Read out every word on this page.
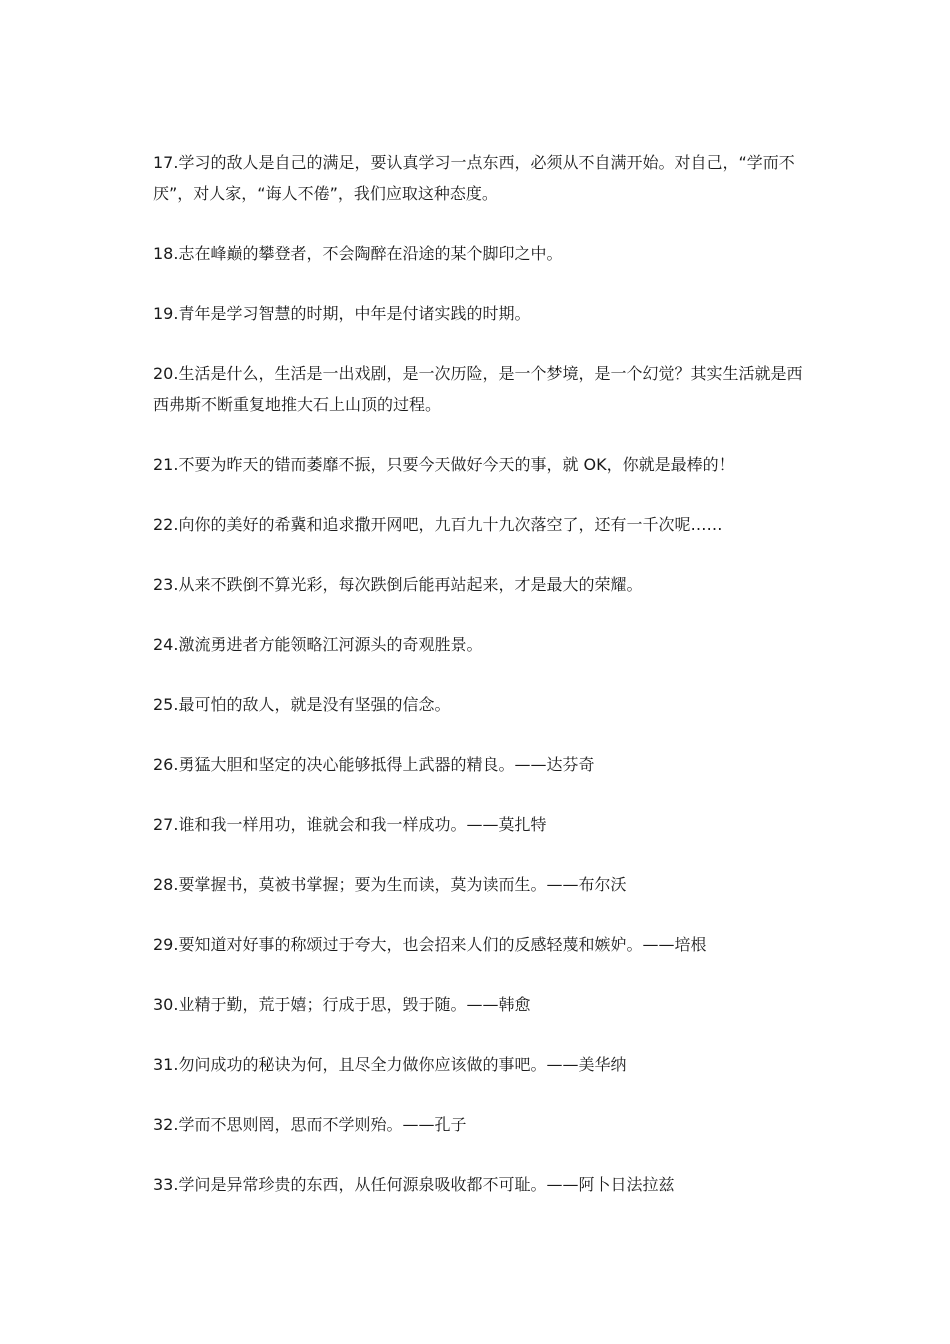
17.学习的敌人是自己的满足，要认真学习一点东西，必须从不自满开始。对自己，“学而不厌”，对人家，“诲人不倦”，我们应取这种态度。

18.志在峰巅的攀登者，不会陶醉在沿途的某个脚印之中。

19.青年是学习智慧的时期，中年是付诸实践的时期。

20.生活是什么，生活是一出戏剧，是一次历险，是一个梦境，是一个幻觉？其实生活就是西西弗斯不断重复地推大石上山顶的过程。

21.不要为昨天的错而萎靡不振，只要今天做好今天的事，就 OK，你就是最棒的！

22.向你的美好的希冀和追求撒开网吧，九百九十九次落空了，还有一千次呢……

23.从来不跌倒不算光彩，每次跌倒后能再站起来，才是最大的荣耀。

24.激流勇进者方能领略江河源头的奇观胜景。

25.最可怕的敌人，就是没有坚强的信念。

26.勇猛大胆和坚定的决心能够抵得上武器的精良。——达芬奇

27.谁和我一样用功，谁就会和我一样成功。——莫扎特

28.要掌握书，莫被书掌握；要为生而读，莫为读而生。——布尔沃

29.要知道对好事的称颂过于夸大，也会招来人们的反感轻蔑和嫉妒。——培根

30.业精于勤，荒于嬉；行成于思，毁于随。——韩愈

31.勿问成功的秘诀为何，且尽全力做你应该做的事吧。——美华纳

32.学而不思则罔，思而不学则殆。——孔子

33.学问是异常珍贵的东西，从任何源泉吸收都不可耻。——阿卜日法拉兹
